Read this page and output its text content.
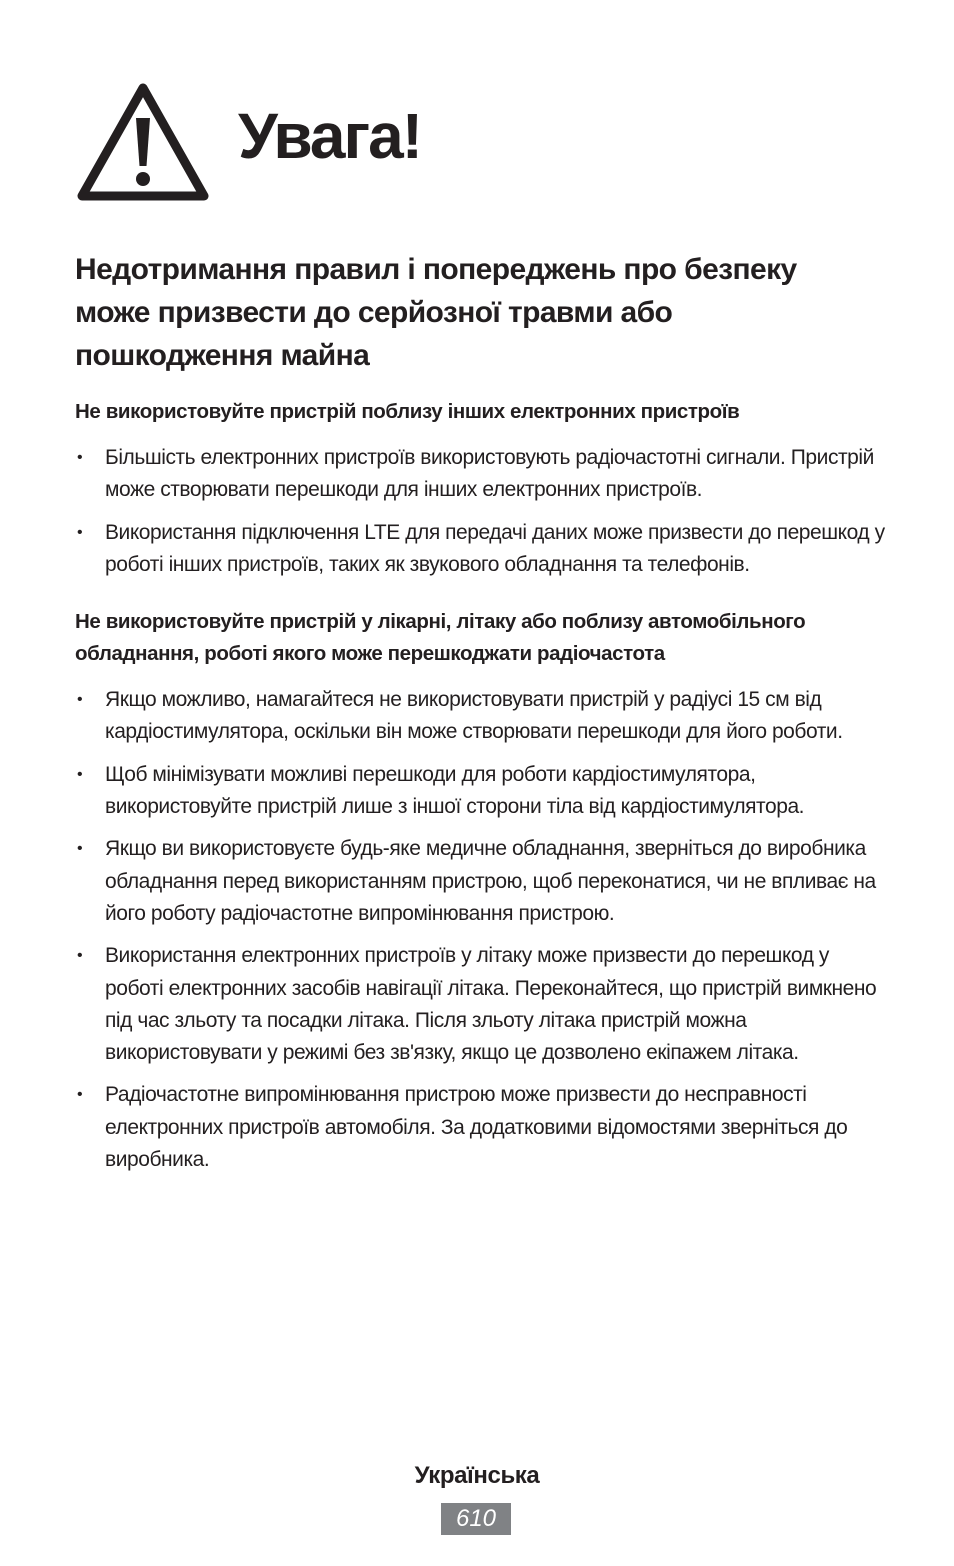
Увага!
Недотримання правил і попереджень про безпеку може призвести до серйозної травми або пошкодження майна
Не використовуйте пристрій поблизу інших електронних пристроїв
• Більшість електронних пристроїв використовують радіочастотні сигнали. Пристрій може створювати перешкоди для інших електронних пристроїв.
• Використання підключення LTE для передачі даних може призвести до перешкод у роботі інших пристроїв, таких як звукового обладнання та телефонів.
Не використовуйте пристрій у лікарні, літаку або поблизу автомобільного обладнання, роботі якого може перешкоджати радіочастота
• Якщо можливо, намагайтеся не використовувати пристрій у радіусі 15 см від кардіостимулятора, оскільки він може створювати перешкоди для його роботи.
• Щоб мінімізувати можливі перешкоди для роботи кардіостимулятора, використовуйте пристрій лише з іншої сторони тіла від кардіостимулятора.
• Якщо ви використовуєте будь-яке медичне обладнання, зверніться до виробника обладнання перед використанням пристрою, щоб переконатися, чи не впливає на його роботу радіочастотне випромінювання пристрою.
• Використання електронних пристроїв у літаку може призвести до перешкод у роботі електронних засобів навігації літака. Переконайтеся, що пристрій вимкнено під час зльоту та посадки літака. Після зльоту літака пристрій можна використовувати у режимі без зв'язку, якщо це дозволено екіпажем літака.
• Радіочастотне випромінювання пристрою може призвести до несправності електронних пристроїв автомобіля. За додатковими відомостями зверніться до виробника.
Українська
610
